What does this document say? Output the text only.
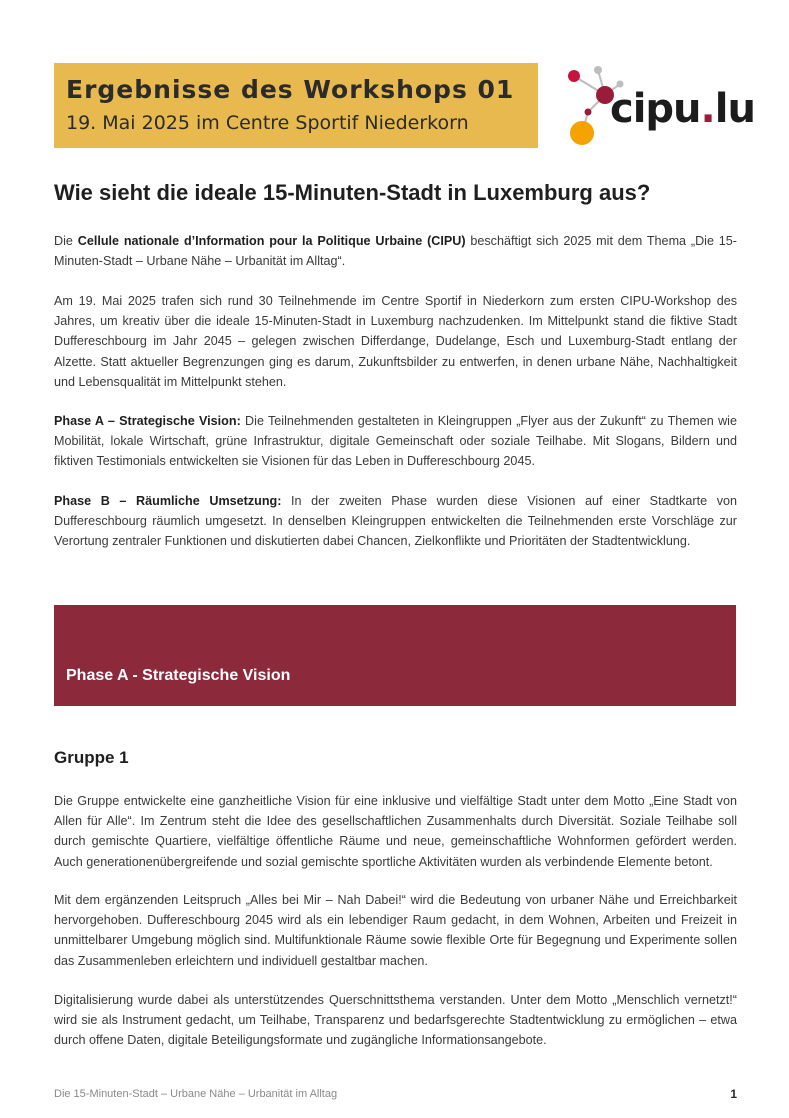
Ergebnisse des Workshops 01
19. Mai 2025 im Centre Sportif Niederkorn	cipu.lu
Wie sieht die ideale 15-Minuten-Stadt in Luxemburg aus?

Die Cellule nationale d’Information pour la Politique Urbaine (CIPU) beschäftigt sich 2025 mit dem Thema „Die 15-Minuten-Stadt – Urbane Nähe – Urbanität im Alltag“.

Am 19. Mai 2025 trafen sich rund 30 Teilnehmende im Centre Sportif in Niederkorn zum ersten CIPU-Workshop des Jahres, um kreativ über die ideale 15-Minuten-Stadt in Luxemburg nachzudenken. Im Mittelpunkt stand die fiktive Stadt Duffereschbourg im Jahr 2045 – gelegen zwischen Differdange, Dudelange, Esch und Luxemburg-Stadt entlang der Alzette. Statt aktueller Begrenzungen ging es darum, Zukunftsbilder zu entwerfen, in denen urbane Nähe, Nachhaltigkeit und Lebensqualität im Mittelpunkt stehen.

Phase A – Strategische Vision: Die Teilnehmenden gestalteten in Kleingruppen „Flyer aus der Zukunft“ zu Themen wie Mobilität, lokale Wirtschaft, grüne Infrastruktur, digitale Gemeinschaft oder soziale Teilhabe. Mit Slogans, Bildern und fiktiven Testimonials entwickelten sie Visionen für das Leben in Duffereschbourg 2045.

Phase B – Räumliche Umsetzung: In der zweiten Phase wurden diese Visionen auf einer Stadtkarte von Duffereschbourg räumlich umgesetzt. In denselben Kleingruppen entwickelten die Teilnehmenden erste Vorschläge zur Verortung zentraler Funktionen und diskutierten dabei Chancen, Zielkonflikte und Prioritäten der Stadtentwicklung.

Phase A - Strategische Vision
Gruppe 1

Die Gruppe entwickelte eine ganzheitliche Vision für eine inklusive und vielfältige Stadt unter dem Motto „Eine Stadt von Allen für Alle“. Im Zentrum steht die Idee des gesellschaftlichen Zusammenhalts durch Diversität. Soziale Teilhabe soll durch gemischte Quartiere, vielfältige öffentliche Räume und neue, gemeinschaftliche Wohnformen gefördert werden. Auch generationenübergreifende und sozial gemischte sportliche Aktivitäten wurden als verbindende Elemente betont.

Mit dem ergänzenden Leitspruch „Alles bei Mir – Nah Dabei!“ wird die Bedeutung von urbaner Nähe und Erreichbarkeit hervorgehoben. Duffereschbourg 2045 wird als ein lebendiger Raum gedacht, in dem Wohnen, Arbeiten und Freizeit in unmittelbarer Umgebung möglich sind. Multifunktionale Räume sowie flexible Orte für Begegnung und Experimente sollen das Zusammenleben erleichtern und individuell gestaltbar machen.

Digitalisierung wurde dabei als unterstützendes Querschnittsthema verstanden. Unter dem Motto „Menschlich vernetzt!“ wird sie als Instrument gedacht, um Teilhabe, Transparenz und bedarfsgerechte Stadtentwicklung zu ermöglichen – etwa durch offene Daten, digitale Beteiligungsformate und zugängliche Informationsangebote.

Die 15-Minuten-Stadt – Urbane Nähe – Urbanität im Alltag	1
